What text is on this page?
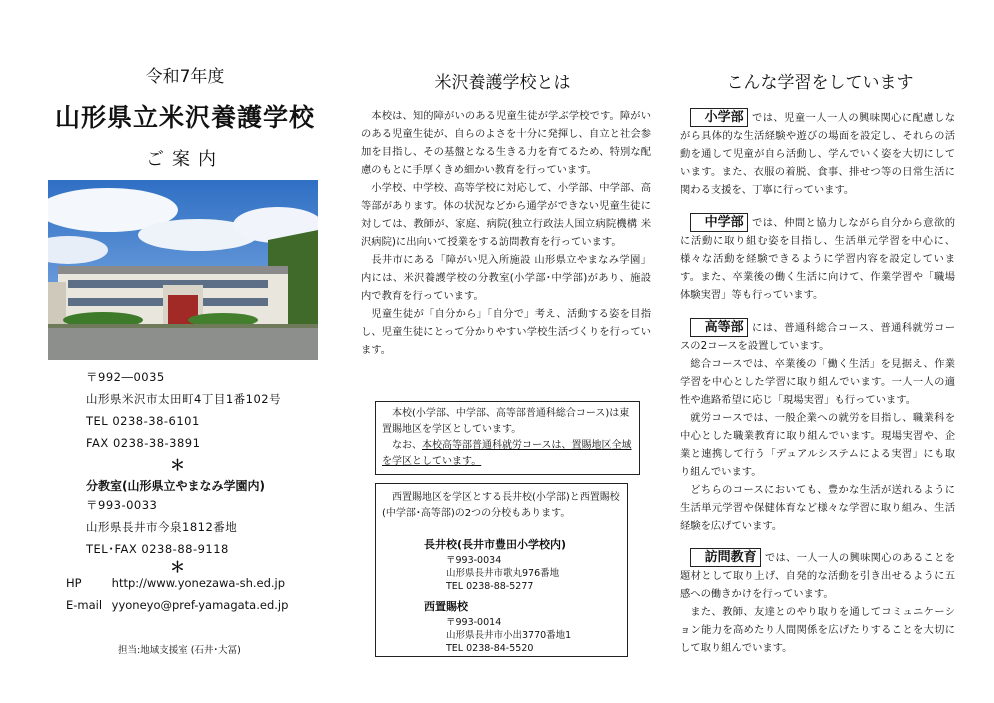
令和7年度
山形県立米沢養護学校
ご案内
〒992―0035
山形県米沢市太田町4丁目1番102号
TEL 0238-38-6101
FAX 0238-38-3891
＊
分教室(山形県立やまなみ学園内)
〒993-0033
山形県長井市今泉1812番地
TEL･FAX 0238-88-9118
＊
HP	http://www.yonezawa-sh.ed.jp
E-mail yyoneyo@pref-yamagata.ed.jp
担当:地域支援室 (石井･大冨)
米沢養護学校とは

本校は、知的障がいのある児童生徒が学ぶ学校です。障がいのある児童生徒が、自らのよさを十分に発揮し、自立と社会参加を目指し、その基盤となる生きる力を育てるため、特別な配慮のもとに手厚くきめ細かい教育を行っています。

小学校、中学校、高等学校に対応して、小学部、中学部、高等部があります。体の状況などから通学ができない児童生徒に対しては、教師が、家庭、病院(独立行政法人国立病院機構 米沢病院)に出向いて授業をする訪問教育を行っています。

長井市にある「障がい児入所施設 山形県立やまなみ学園」内には、米沢養護学校の分教室(小学部･中学部)があり、施設内で教育を行っています。

児童生徒が「自分から」「自分で」考え、活動する姿を目指し、児童生徒にとって分かりやすい学校生活づくりを行っています。

本校(小学部、中学部、高等部普通科総合コース)は東置賜地区を学区としています。

なお、本校高等部普通科就労コースは、置賜地区全域を学区としています。

西置賜地区を学区とする長井校(小学部)と西置賜校(中学部･高等部)の2つの分校もあります。
長井校(長井市豊田小学校内)
〒993-0034
山形県長井市歌丸976番地
TEL 0238-88-5277
西置賜校
〒993-0014
山形県長井市小出3770番地1
TEL 0238-84-5520
こんな学習をしています

小学部 では、児童一人一人の興味関心に配慮しながら具体的な生活経験や遊びの場面を設定し、それらの活動を通して児童が自ら活動し、学んでいく姿を大切にしています。また、衣服の着脱、食事、排せつ等の日常生活に関わる支援を、丁寧に行っています。

中学部 では、仲間と協力しながら自分から意欲的に活動に取り組む姿を目指し、生活単元学習を中心に、様々な活動を経験できるように学習内容を設定しています。また、卒業後の働く生活に向けて、作業学習や「職場体験実習」等も行っています。

高等部 には、普通科総合コース、普通科就労コースの2コースを設置しています。

総合コースでは、卒業後の「働く生活」を見据え、作業学習を中心とした学習に取り組んでいます。一人一人の適性や進路希望に応じ「現場実習」も行っています。

就労コースでは、一般企業への就労を目指し、職業科を中心とした職業教育に取り組んでいます。現場実習や、企業と連携して行う「デュアルシステムによる実習」にも取り組んでいます。

どちらのコースにおいても、豊かな生活が送れるように生活単元学習や保健体育など様々な学習に取り組み、生活経験を広げています。

訪問教育 では、一人一人の興味関心のあることを題材として取り上げ、自発的な活動を引き出せるように五感への働きかけを行っています。

また、教師、友達とのやり取りを通してコミュニケーション能力を高めたり人間関係を広げたりすることを大切にして取り組んでいます。
